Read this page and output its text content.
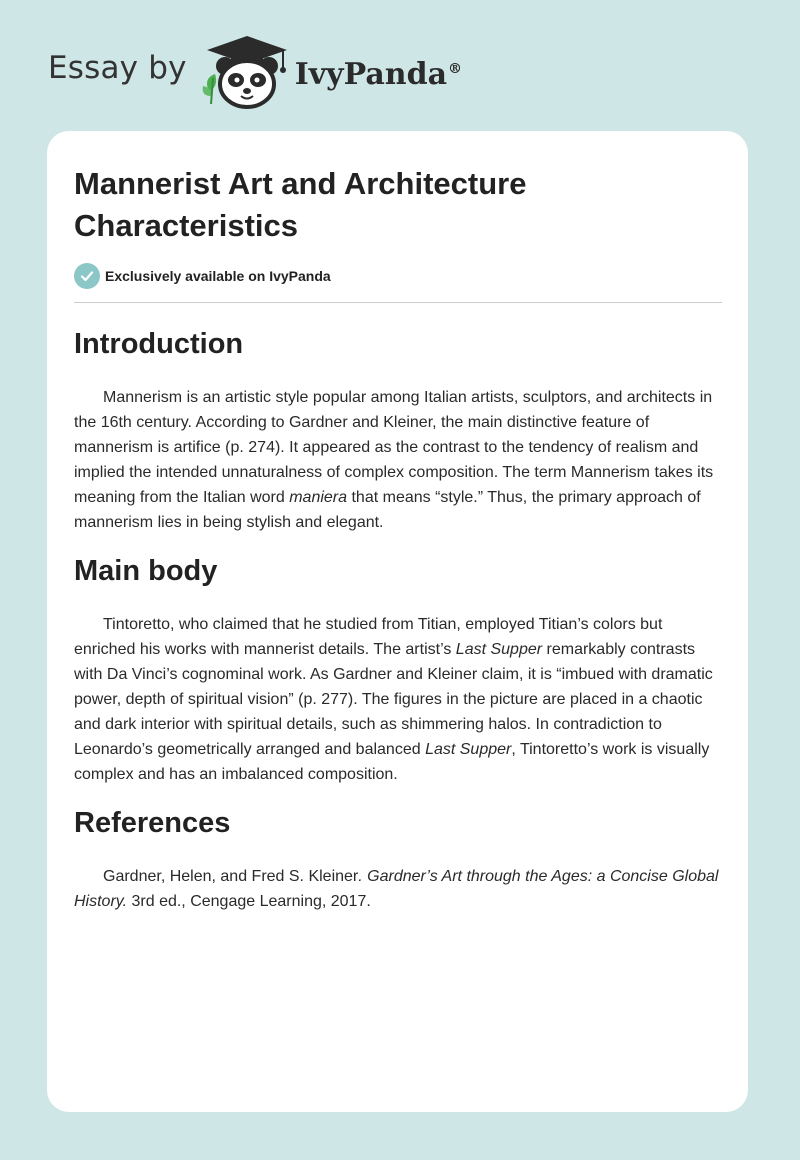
Essay by	IvyPanda®
Mannerist Art and Architecture Characteristics
Exclusively available on IvyPanda
Introduction

Mannerism is an artistic style popular among Italian artists, sculptors, and architects in the 16th century. According to Gardner and Kleiner, the main distinctive feature of mannerism is artifice (p. 274). It appeared as the contrast to the tendency of realism and implied the intended unnaturalness of complex composition. The term Mannerism takes its meaning from the Italian word maniera that means “style.” Thus, the primary approach of mannerism lies in being stylish and elegant.

Main body

Tintoretto, who claimed that he studied from Titian, employed Titian’s colors but enriched his works with mannerist details. The artist’s Last Supper remarkably contrasts with Da Vinci’s cognominal work. As Gardner and Kleiner claim, it is “imbued with dramatic power, depth of spiritual vision” (p. 277). The figures in the picture are placed in a chaotic and dark interior with spiritual details, such as shimmering halos. In contradiction to Leonardo’s geometrically arranged and balanced Last Supper, Tintoretto’s work is visually complex and has an imbalanced composition.

References

Gardner, Helen, and Fred S. Kleiner. Gardner’s Art through the Ages: a Concise Global History. 3rd ed., Cengage Learning, 2017.
